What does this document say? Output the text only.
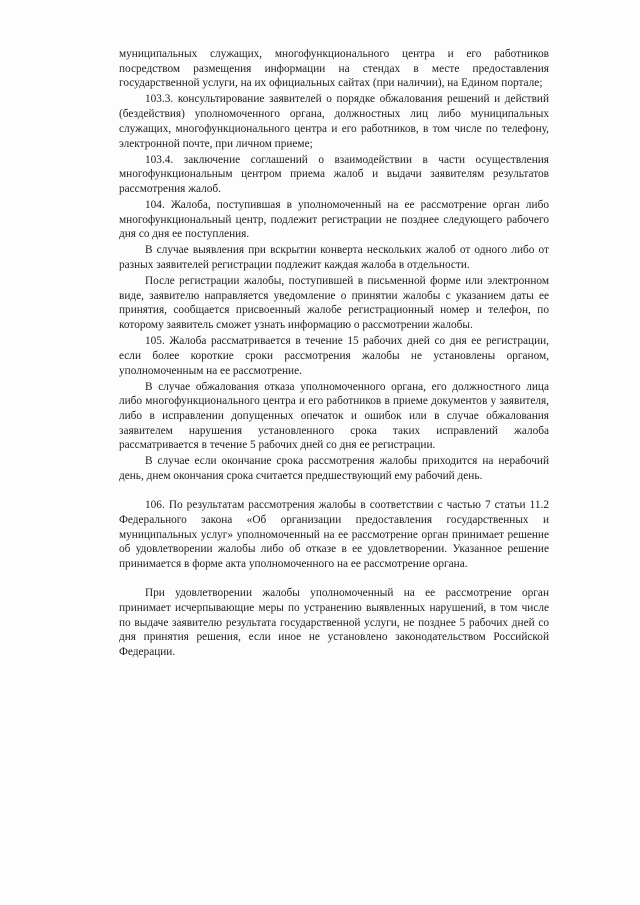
муниципальных служащих, многофункционального центра и его работников посредством размещения информации на стендах в месте предоставления государственной услуги, на их официальных сайтах (при наличии), на Едином портале;

103.3. консультирование заявителей о порядке обжалования решений и действий (бездействия) уполномоченного органа, должностных лиц либо муниципальных служащих, многофункционального центра и его работников, в том числе по телефону, электронной почте, при личном приеме;

103.4. заключение соглашений о взаимодействии в части осуществления многофункциональным центром приема жалоб и выдачи заявителям результатов рассмотрения жалоб.

104. Жалоба, поступившая в уполномоченный на ее рассмотрение орган либо многофункциональный центр, подлежит регистрации не позднее следующего рабочего дня со дня ее поступления.

В случае выявления при вскрытии конверта нескольких жалоб от одного либо от разных заявителей регистрации подлежит каждая жалоба в отдельности.

После регистрации жалобы, поступившей в письменной форме или электронном виде, заявителю направляется уведомление о принятии жалобы с указанием даты ее принятия, сообщается присвоенный жалобе регистрационный номер и телефон, по которому заявитель сможет узнать информацию о рассмотрении жалобы.

105. Жалоба рассматривается в течение 15 рабочих дней со дня ее регистрации, если более короткие сроки рассмотрения жалобы не установлены органом, уполномоченным на ее рассмотрение.

В случае обжалования отказа уполномоченного органа, его должностного лица либо многофункционального центра и его работников в приеме документов у заявителя, либо в исправлении допущенных опечаток и ошибок или в случае обжалования заявителем нарушения установленного срока таких исправлений жалоба рассматривается в течение 5 рабочих дней со дня ее регистрации.

В случае если окончание срока рассмотрения жалобы приходится на нерабочий день, днем окончания срока считается предшествующий ему рабочий день.

106. По результатам рассмотрения жалобы в соответствии с частью 7 статьи 11.2 Федерального закона «Об организации предоставления государственных и муниципальных услуг» уполномоченный на ее рассмотрение орган принимает решение об удовлетворении жалобы либо об отказе в ее удовлетворении. Указанное решение принимается в форме акта уполномоченного на ее рассмотрение органа.

При удовлетворении жалобы уполномоченный на ее рассмотрение орган принимает исчерпывающие меры по устранению выявленных нарушений, в том числе по выдаче заявителю результата государственной услуги, не позднее 5 рабочих дней со дня принятия решения, если иное не установлено законодательством Российской Федерации.
